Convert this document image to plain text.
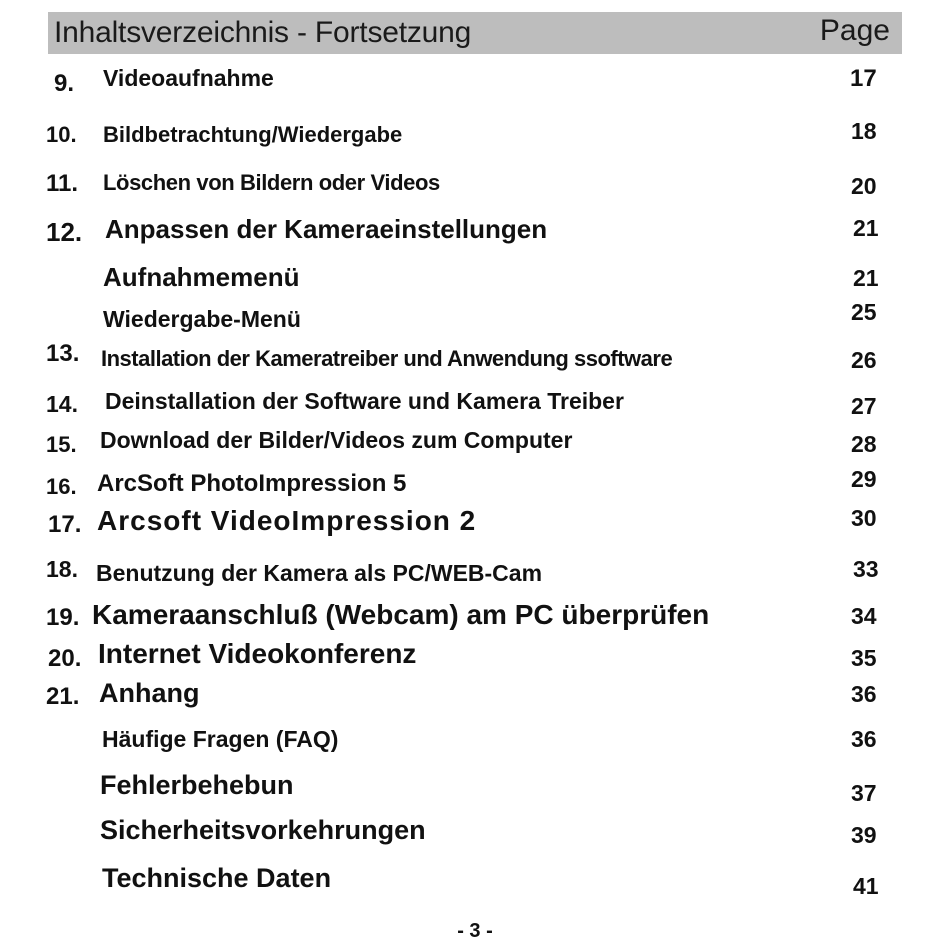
Inhaltsverzeichnis - Fortsetzung	Page
9. Videoaufnahme	17
10. Bildbetrachtung/Wiedergabe	18
11. Löschen von Bildern oder Videos	20
12. Anpassen der Kameraeinstellungen	21
Aufnahmemenü	21
Wiedergabe-Menü	25
13. Installation der Kameratreiber und Anwendung ssoftware	26
14. Deinstallation der Software und Kamera Treiber	27
15. Download der Bilder/Videos zum Computer	28
16. ArcSoft PhotoImpression 5	29
17. Arcsoft VideoImpression 2	30
18. Benutzung der Kamera als PC/WEB-Cam	33
19. Kameraanschluß (Webcam) am PC überprüfen	34
20. Internet Videokonferenz	35
21. Anhang	36
Häufige Fragen (FAQ)	36
Fehlerbehebun	37
Sicherheitsvorkehrungen	39
Technische Daten	41
- 3 -
